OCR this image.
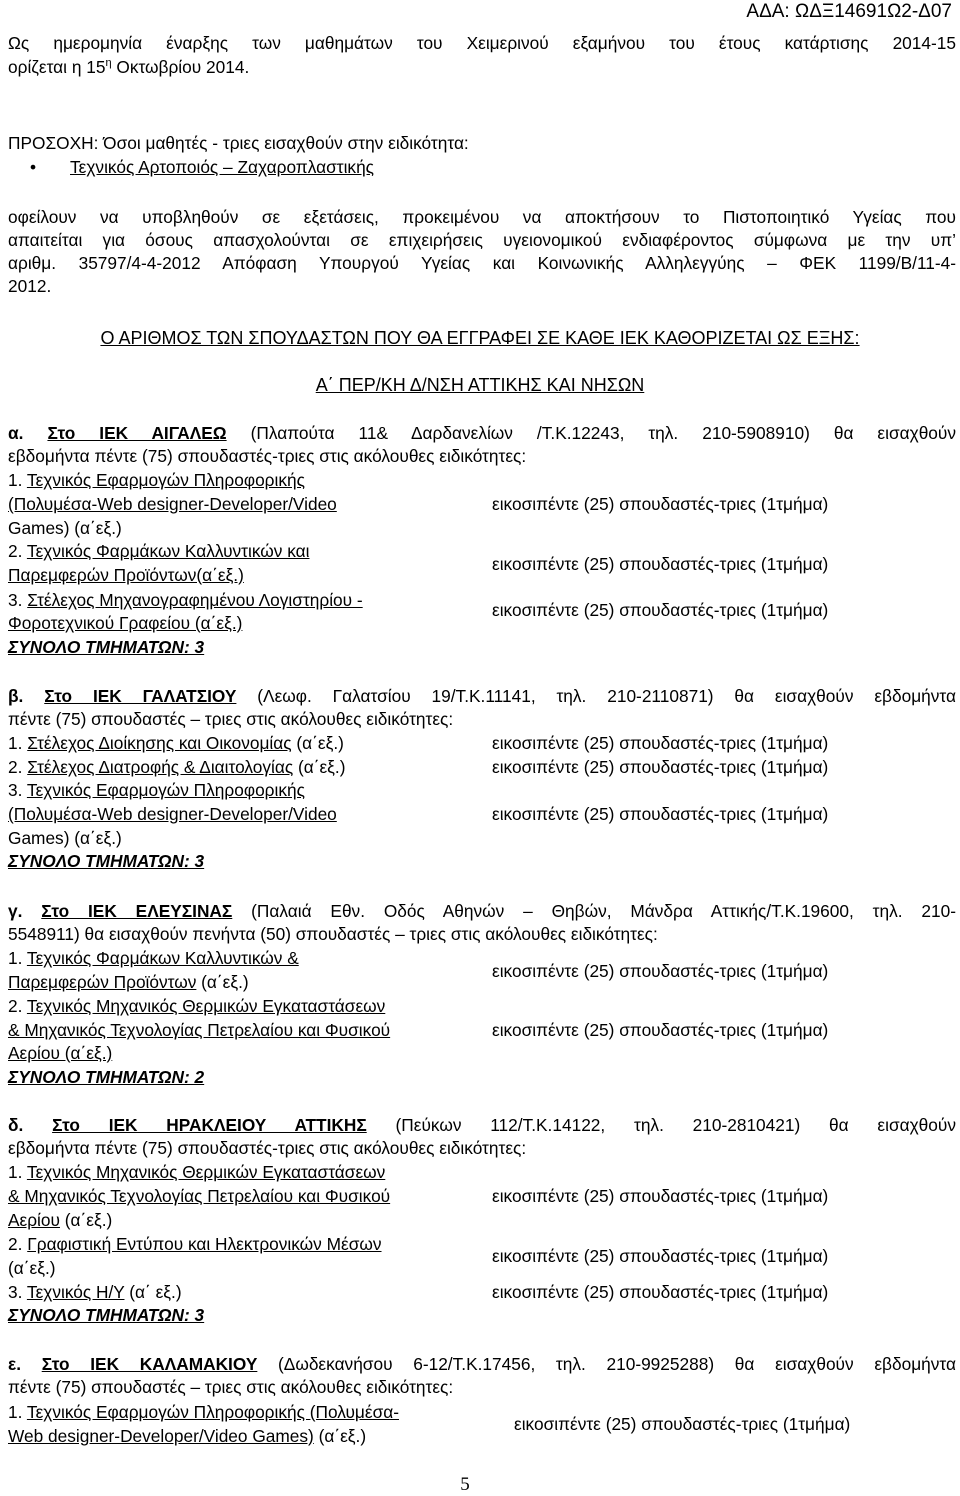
ΑΔΑ: ΩΔΞ14691Ω2-Δ07
Ως ημερομηνία έναρξης των μαθημάτων του Χειμερινού εξαμήνου του έτους κατάρτισης 2014-15
ορίζεται η $15^\eta$ Οκτωβρίου 2014.
ΠΡΟΣΟΧΗ: Όσοι μαθητές - τριες εισαχθούν στην ειδικότητα:
• Τεχνικός Αρτοποιός – Ζαχαροπλαστικής
οφείλουν να υποβληθούν σε εξετάσεις, προκειμένου να αποκτήσουν το Πιστοποιητικό Υγείας που
απαιτείται για όσους απασχολούνται σε επιχειρήσεις υγειονομικού ενδιαφέροντος σύμφωνα με την υπ’
αριθμ. 35797/4-4-2012 Απόφαση Υπουργού Υγείας και Κοινωνικής Αλληλεγγύης – ΦΕΚ 1199/Β/11-4-
2012.
Ο ΑΡΙΘΜΟΣ ΤΩΝ ΣΠΟΥΔΑΣΤΩΝ ΠΟΥ ΘΑ ΕΓΓΡΑΦΕΙ ΣΕ ΚΑΘΕ ΙΕΚ ΚΑΘΟΡΙΖΕΤΑΙ ΩΣ ΕΞΗΣ:
Α΄ ΠΕΡ/ΚΗ Δ/ΝΣΗ ΑΤΤΙΚΗΣ ΚΑΙ ΝΗΣΩΝ
α. Στο ΙΕΚ ΑΙΓΑΛΕΩ (Πλαπούτα 11& Δαρδανελίων /Τ.Κ.12243, τηλ. 210-5908910) θα εισαχθούν
εβδομήντα πέντε (75) σπουδαστές-τριες στις ακόλουθες ειδικότητες:
1. Τεχνικός Εφαρμογών Πληροφορικής
(Πολυμέσα-Web designer-Developer/Video
Games) (α΄εξ.)
εικοσιπέντε (25) σπουδαστές-τριες (1τμήμα)
2. Τεχνικός Φαρμάκων Καλλυντικών και
Παρεμφερών Προϊόντων(α΄εξ.)
εικοσιπέντε (25) σπουδαστές-τριες (1τμήμα)
3. Στέλεχος Μηχανογραφημένου Λογιστηρίου -
Φοροτεχνικού Γραφείου (α΄εξ.)
εικοσιπέντε (25) σπουδαστές-τριες (1τμήμα)
ΣΥΝΟΛΟ ΤΜΗΜΑΤΩΝ: 3
β. Στο ΙΕΚ ΓΑΛΑΤΣΙΟΥ (Λεωφ. Γαλατσίου 19/Τ.Κ.11141, τηλ. 210-2110871) θα εισαχθούν εβδομήντα
πέντε (75) σπουδαστές – τριες στις ακόλουθες ειδικότητες:
1. Στέλεχος Διοίκησης και Οικονομίας (α΄εξ.)	εικοσιπέντε (25) σπουδαστές-τριες (1τμήμα)
2. Στέλεχος Διατροφής & Διαιτολογίας (α΄εξ.)	εικοσιπέντε (25) σπουδαστές-τριες (1τμήμα)
3. Τεχνικός Εφαρμογών Πληροφορικής
(Πολυμέσα-Web designer-Developer/Video
Games) (α΄εξ.)
εικοσιπέντε (25) σπουδαστές-τριες (1τμήμα)
ΣΥΝΟΛΟ ΤΜΗΜΑΤΩΝ: 3
γ. Στο ΙΕΚ ΕΛΕΥΣΙΝΑΣ (Παλαιά Εθν. Οδός Αθηνών – Θηβών, Μάνδρα Αττικής/Τ.Κ.19600, τηλ. 210-
5548911) θα εισαχθούν πενήντα (50) σπουδαστές – τριες στις ακόλουθες ειδικότητες:
1. Τεχνικός Φαρμάκων Καλλυντικών &
Παρεμφερών Προϊόντων (α΄εξ.)
εικοσιπέντε (25) σπουδαστές-τριες (1τμήμα)
2. Τεχνικός Μηχανικός Θερμικών Εγκαταστάσεων
& Μηχανικός Τεχνολογίας Πετρελαίου και Φυσικού
Αερίου (α΄εξ.)
εικοσιπέντε (25) σπουδαστές-τριες (1τμήμα)
ΣΥΝΟΛΟ ΤΜΗΜΑΤΩΝ: 2
δ. Στο ΙΕΚ ΗΡΑΚΛΕΙΟΥ ΑΤΤΙΚΗΣ (Πεύκων 112/Τ.Κ.14122, τηλ. 210-2810421) θα εισαχθούν
εβδομήντα πέντε (75) σπουδαστές-τριες στις ακόλουθες ειδικότητες:
1. Τεχνικός Μηχανικός Θερμικών Εγκαταστάσεων
& Μηχανικός Τεχνολογίας Πετρελαίου και Φυσικού
Αερίου (α΄εξ.)
εικοσιπέντε (25) σπουδαστές-τριες (1τμήμα)
2. Γραφιστική Εντύπου και Ηλεκτρονικών Μέσων
(α΄εξ.)
εικοσιπέντε (25) σπουδαστές-τριες (1τμήμα)
3. Τεχνικός Η/Υ (α΄ εξ.)	εικοσιπέντε (25) σπουδαστές-τριες (1τμήμα)
ΣΥΝΟΛΟ ΤΜΗΜΑΤΩΝ: 3
ε. Στο ΙΕΚ ΚΑΛΑΜΑΚΙΟΥ (Δωδεκανήσου 6-12/Τ.Κ.17456, τηλ. 210-9925288) θα εισαχθούν εβδομήντα
πέντε (75) σπουδαστές – τριες στις ακόλουθες ειδικότητες:
1. Τεχνικός Εφαρμογών Πληροφορικής (Πολυμέσα-
Web designer-Developer/Video Games) (α΄εξ.)
εικοσιπέντε (25) σπουδαστές-τριες (1τμήμα)
5
